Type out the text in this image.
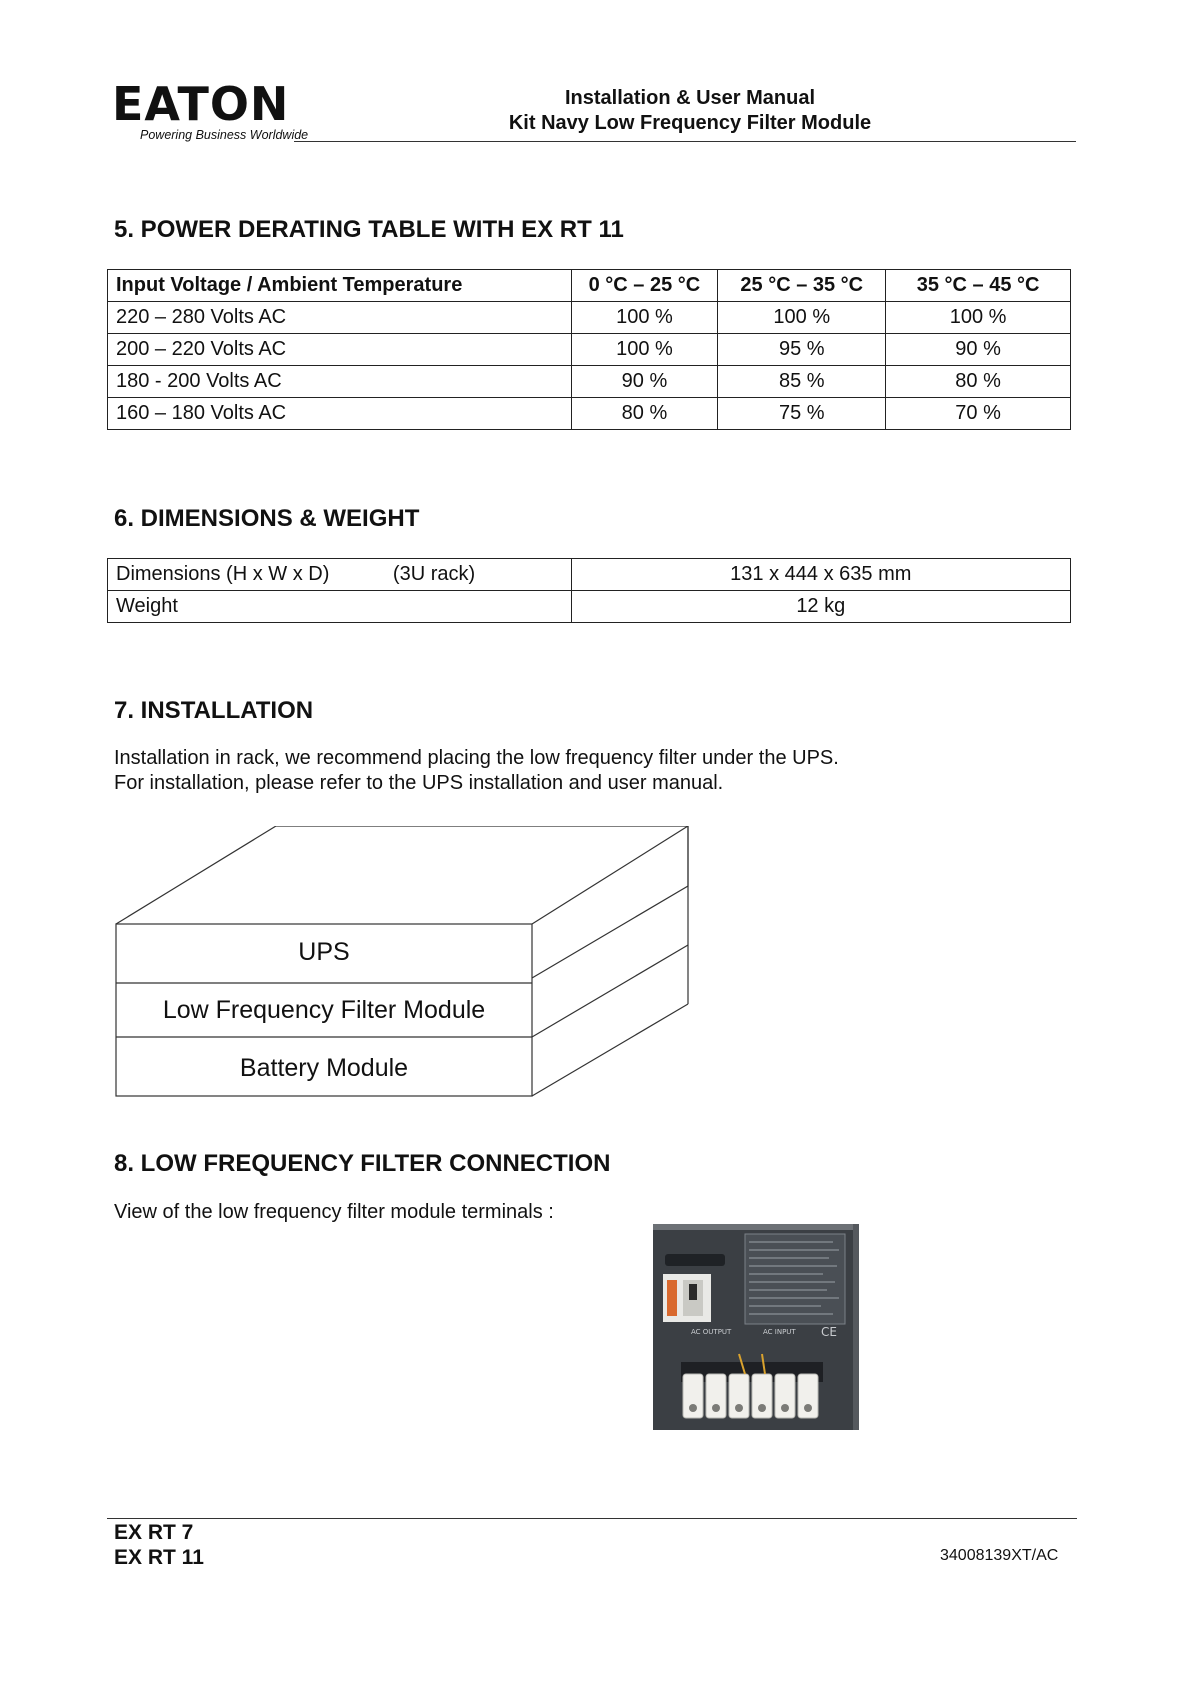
EATON
Powering Business Worldwide
Installation & User Manual
Kit Navy Low Frequency Filter Module
5. POWER DERATING TABLE WITH EX RT 11
Input Voltage / Ambient Temperature	0 °C – 25 °C	25 °C – 35 °C	35 °C – 45 °C
220 – 280 Volts AC	100 %	100 %	100 %
200 – 220 Volts AC	100 %	95 %	90 %
180 - 200 Volts AC	90 %	85 %	80 %
160 – 180 Volts AC	80 %	75 %	70 %
6. DIMENSIONS & WEIGHT
Dimensions (H x W x D) (3U rack)	131 x 444 x 635 mm
Weight	12 kg
7. INSTALLATION

Installation in rack, we recommend placing the low frequency filter under the UPS.

For installation, please refer to the UPS installation and user manual.

UPS
Low Frequency Filter Module
Battery Module
8. LOW FREQUENCY FILTER CONNECTION

View of the low frequency filter module terminals :

AC OUTPUT	AC INPUT CE
EX RT 7
EX RT 11	34008139XT/AC
